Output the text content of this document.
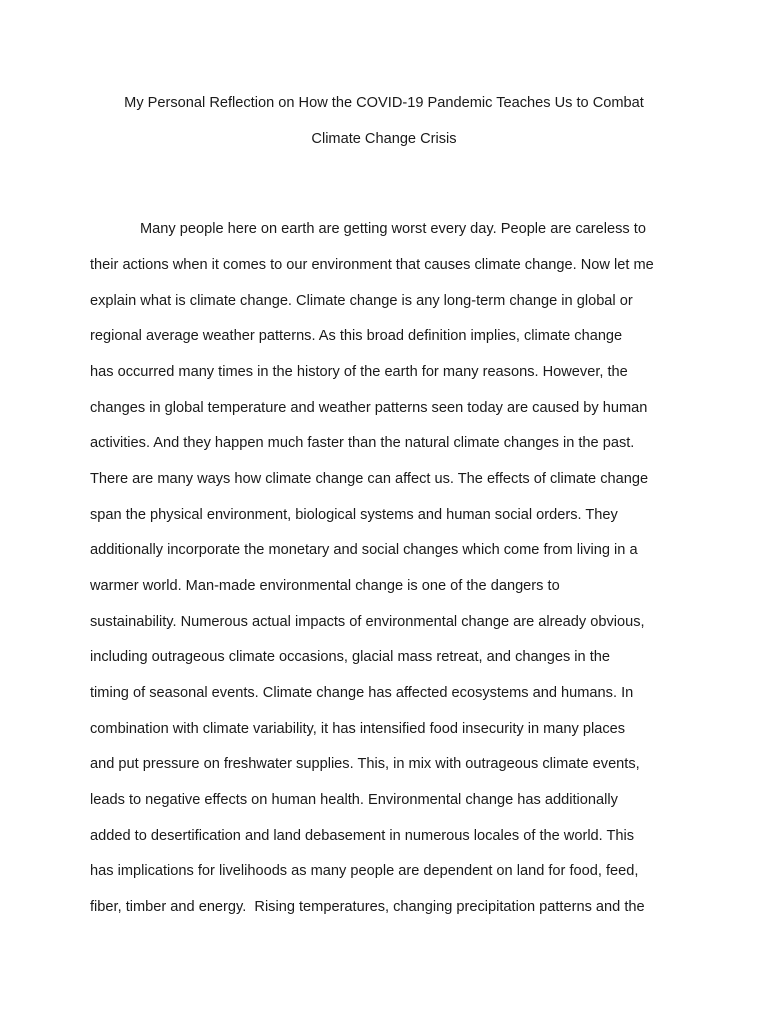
My Personal Reflection on How the COVID-19 Pandemic Teaches Us to Combat
Climate Change Crisis
Many people here on earth are getting worst every day. People are careless to
their actions when it comes to our environment that causes climate change. Now let me
explain what is climate change. Climate change is any long-term change in global or
regional average weather patterns. As this broad definition implies, climate change
has occurred many times in the history of the earth for many reasons. However, the
changes in global temperature and weather patterns seen today are caused by human
activities. And they happen much faster than the natural climate changes in the past.
There are many ways how climate change can affect us. The effects of climate change
span the physical environment, biological systems and human social orders. They
additionally incorporate the monetary and social changes which come from living in a
warmer world. Man-made environmental change is one of the dangers to
sustainability. Numerous actual impacts of environmental change are already obvious,
including outrageous climate occasions, glacial mass retreat, and changes in the
timing of seasonal events. Climate change has affected ecosystems and humans. In
combination with climate variability, it has intensified food insecurity in many places
and put pressure on freshwater supplies. This, in mix with outrageous climate events,
leads to negative effects on human health. Environmental change has additionally
added to desertification and land debasement in numerous locales of the world. This
has implications for livelihoods as many people are dependent on land for food, feed,
fiber, timber and energy.  Rising temperatures, changing precipitation patterns and the
